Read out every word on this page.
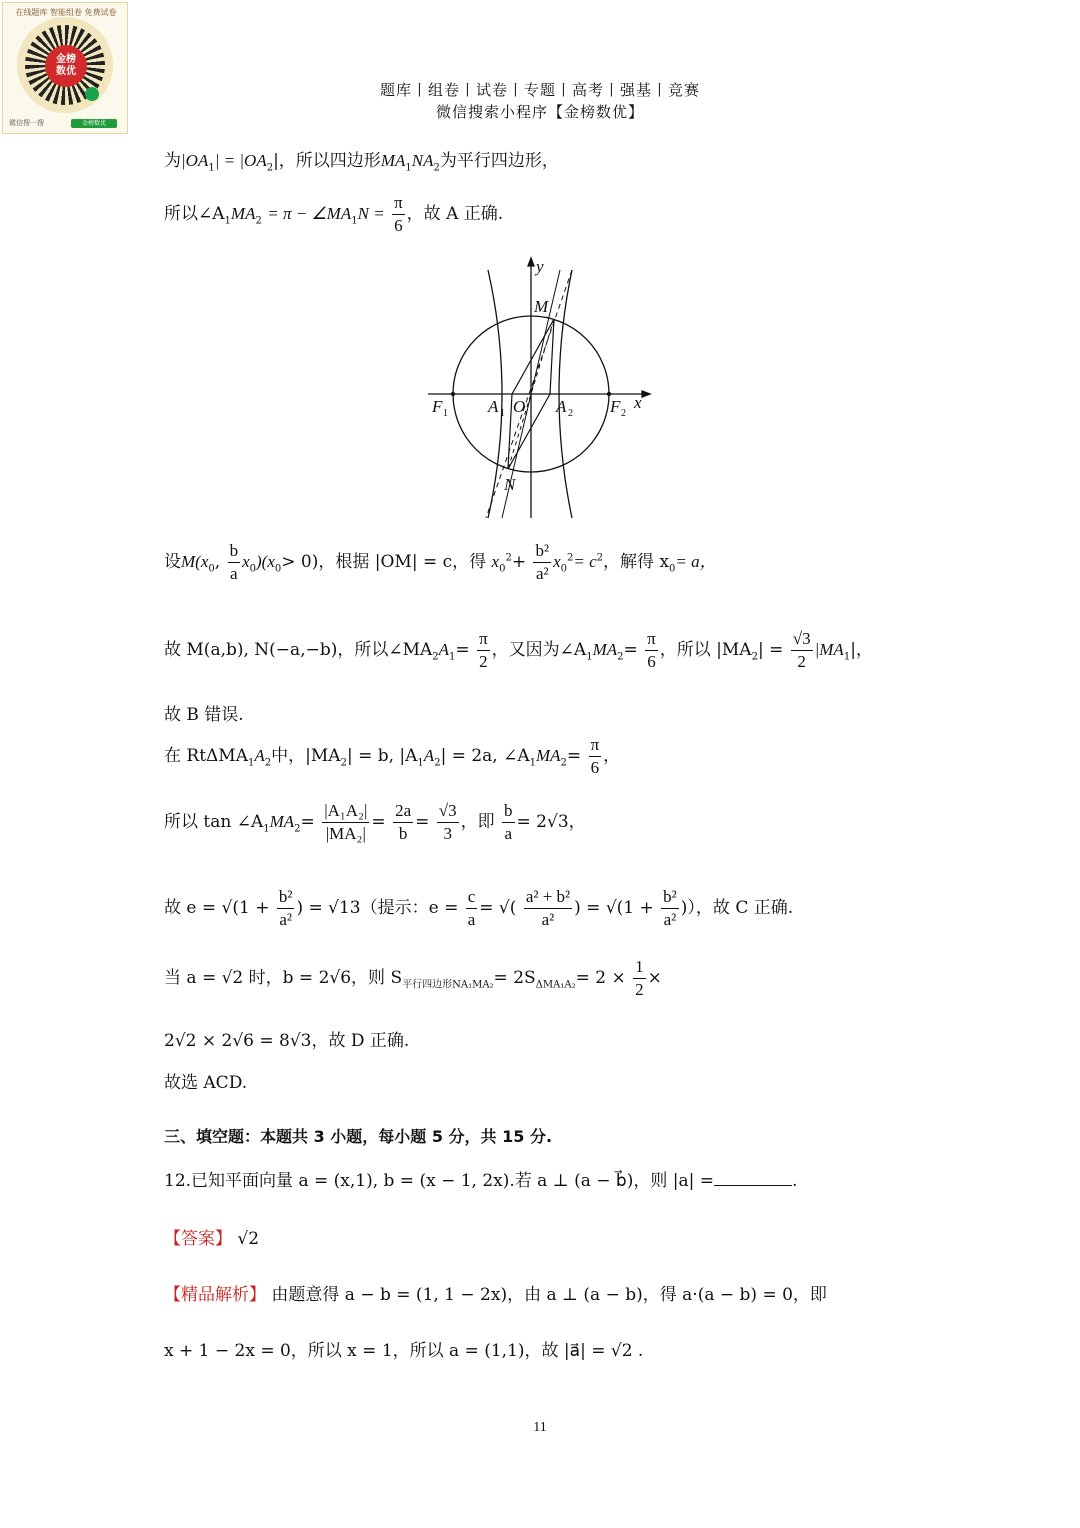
在线题库 智能组卷 免费试卷
金榜
数优
微信搜一搜	金榜数优
题库丨组卷丨试卷丨专题丨高考丨强基丨竞赛
微信搜索小程序【金榜数优】
为$|OA_1| = |OA_2|$，所以四边形$MA_1NA_2$为平行四边形，
所以$\angle A_1MA_2 = \pi$ − $\angle MA_1N = \frac{\pi}{6}$ ，故 A 正确.
y
x
M
N
O
F 1	F 2
A 1	A 2
设$M(x_0$, $\frac{b}{a} x_0)(x_0> 0)$，根据 |OM| = c，得 $x_0^2+ \frac{\text{b²}}{\text{a²}} x_0^2= c^2$，解得 $x_0= a$，
故 M(a,b), N(−a,−b)，所以$\angle MA_2A_1= \frac{\pi}{2}$ ，又因为$\angle A_1MA_2= \frac{\pi}{6}$ ，所以 $|MA_2| = \frac{√3}{2} |MA_1|$，
故 B 错误.
在 $Rt\Delta MA_1A_2$中，$|MA_2| = b$, $|A_1A_2| = 2a$, $\angle A_1MA_2= \frac{\pi}{6}$ ，
所以 $\tan \angle A_1MA_2= \frac{\text{|A₁A₂|}}{\text{|MA₂|}} = \frac{2a}{b} = \frac{√3}{3}$ ，即 $\frac{b}{a} = 2√3$，
故 $e = √(1 + \frac{\text{b²}}{\text{a²}}$ ) = √13（提示：$e = \frac{c}{a}$ = √( $\frac{\text{a² + b²}}{\text{a²}}$ ) = $√(1 + \frac{\text{b²}}{\text{a²}}$ )），故 C 正确.
当 a = √2 时，b = 2√6，则 $S_{平行四边形NA_1MA_2}= 2S_{\Delta MA_1A_2}= 2 \times \frac{1}{2}$ ×
2√2 × 2√6 = 8√3，故 D 正确.
故选 ACD.
三、填空题：本题共 3 小题，每小题 5 分，共 15 分.
12.已知平面向量 a = (x,1), b = (x − 1, 2x).若 a ⊥ (a − b⃗)，则 |a| =	.
【答案】 √2
【精品解析】 由题意得 a − b = (1, 1 − 2x)，由 a ⊥ (a − b)，得 a·(a − b) = 0，即
x + 1 − 2x = 0，所以 x = 1，所以 a = (1,1)，故 |a⃗| = √2 .
11
